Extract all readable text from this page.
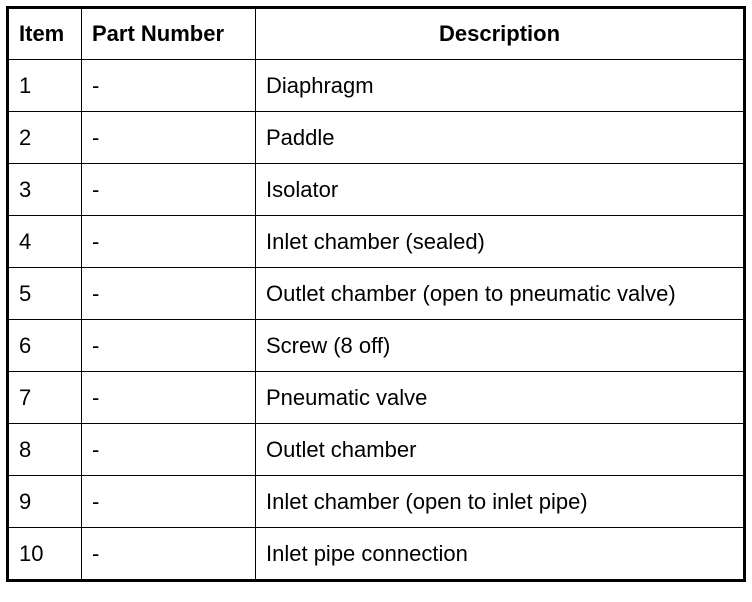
Item	Part Number	Description
1	-	Diaphragm
2	-	Paddle
3	-	Isolator
4	-	Inlet chamber (sealed)
5	-	Outlet chamber (open to pneumatic valve)
6	-	Screw (8 off)
7	-	Pneumatic valve
8	-	Outlet chamber
9	-	Inlet chamber (open to inlet pipe)
10	-	Inlet pipe connection
